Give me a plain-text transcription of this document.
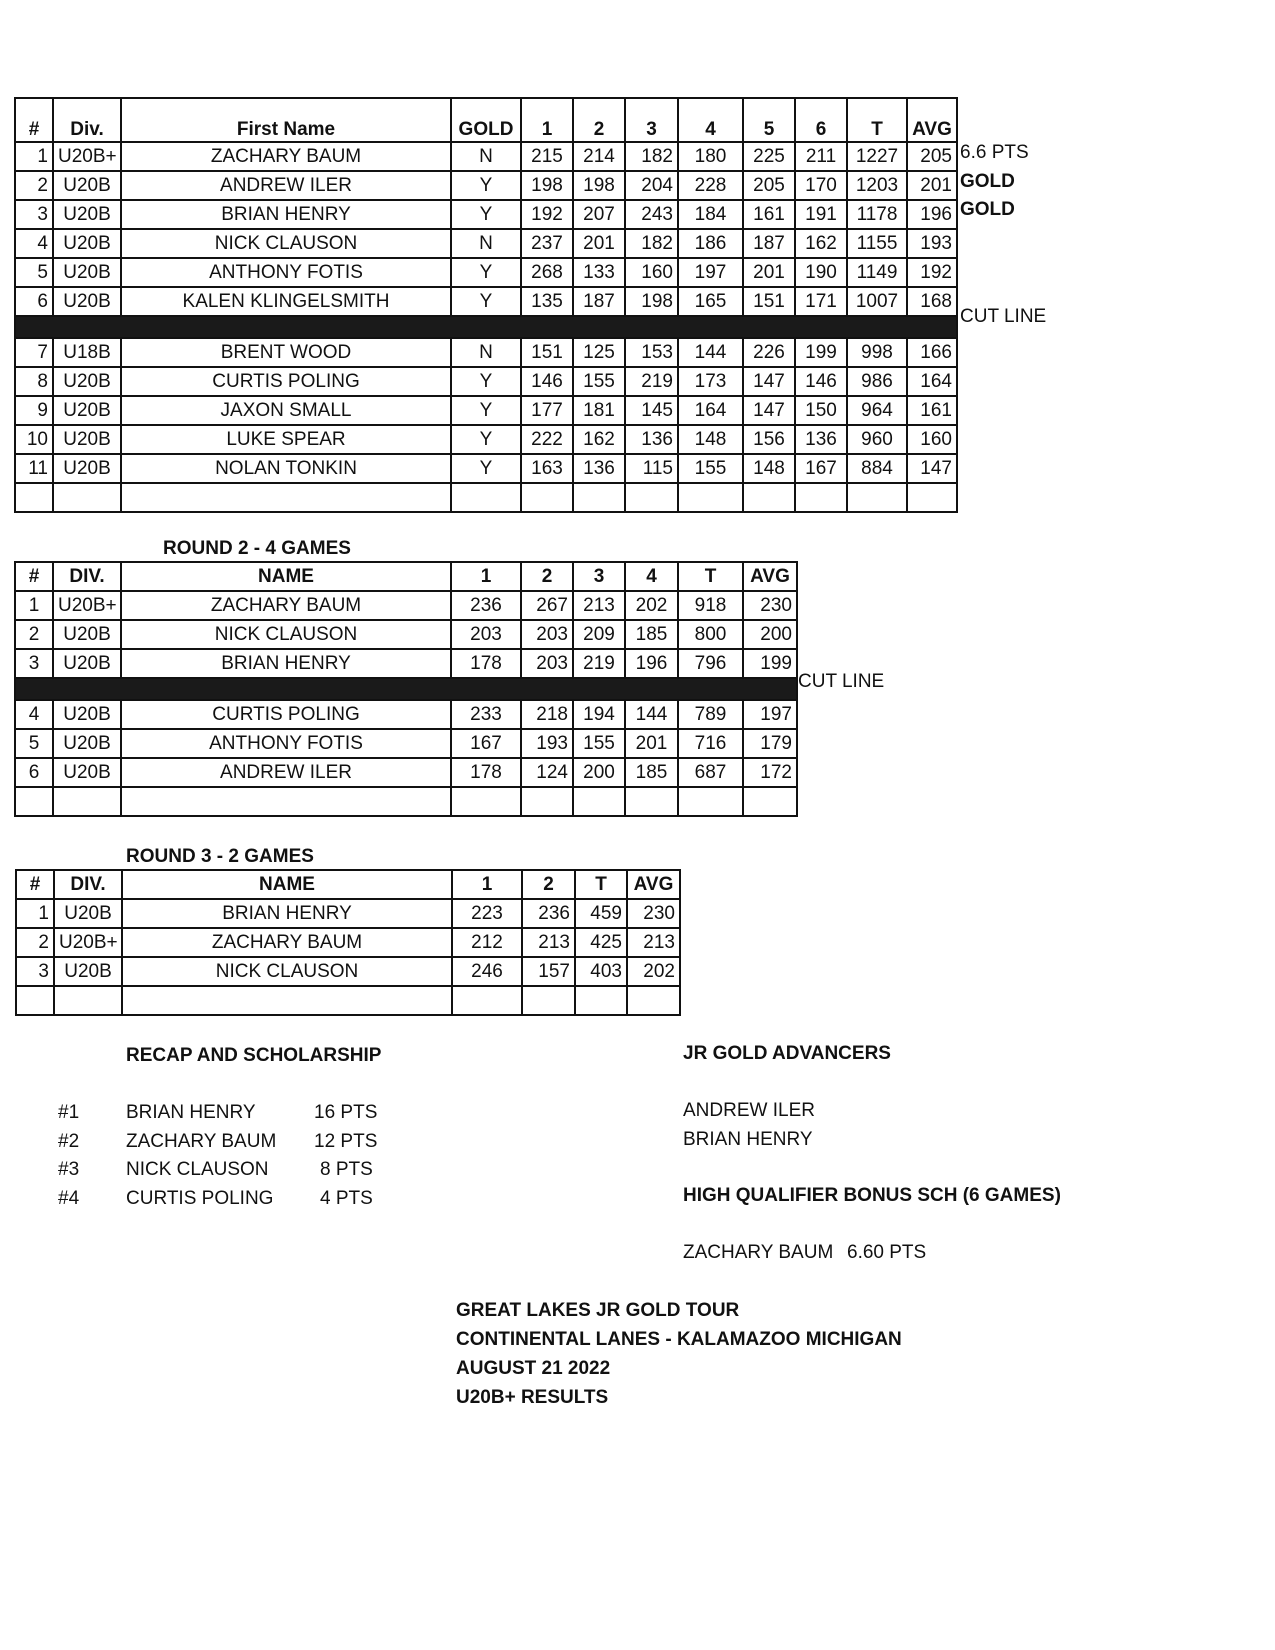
#	Div.	First Name	GOLD	1	2	3	4	5	6	T	AVG
1	U20B+	ZACHARY BAUM	N	215	214	182	180	225	211	1227	205
2	U20B	ANDREW ILER	Y	198	198	204	228	205	170	1203	201
3	U20B	BRIAN HENRY	Y	192	207	243	184	161	191	1178	196
4	U20B	NICK CLAUSON	N	237	201	182	186	187	162	1155	193
5	U20B	ANTHONY FOTIS	Y	268	133	160	197	201	190	1149	192
6	U20B	KALEN KLINGELSMITH	Y	135	187	198	165	151	171	1007	168

7	U18B	BRENT WOOD	N	151	125	153	144	226	199	998	166
8	U20B	CURTIS POLING	Y	146	155	219	173	147	146	986	164
9	U20B	JAXON SMALL	Y	177	181	145	164	147	150	964	161
10	U20B	LUKE SPEAR	Y	222	162	136	148	156	136	960	160
11	U20B	NOLAN TONKIN	Y	163	136	115	155	148	167	884	147

6.6 PTS
GOLD
GOLD
CUT LINE
ROUND 2 - 4 GAMES
#	DIV.	NAME	1	2	3	4	T	AVG
1	U20B+	ZACHARY BAUM	236	267	213	202	918	230
2	U20B	NICK CLAUSON	203	203	209	185	800	200
3	U20B	BRIAN HENRY	178	203	219	196	796	199

4	U20B	CURTIS POLING	233	218	194	144	789	197
5	U20B	ANTHONY FOTIS	167	193	155	201	716	179
6	U20B	ANDREW ILER	178	124	200	185	687	172

CUT LINE
ROUND 3 - 2 GAMES
#	DIV.	NAME	1	2	T	AVG
1	U20B	BRIAN HENRY	223	236	459	230
2	U20B+	ZACHARY BAUM	212	213	425	213
3	U20B	NICK CLAUSON	246	157	403	202

RECAP AND SCHOLARSHIP
#1 BRIAN HENRY	16 PTS
#2 ZACHARY BAUM 12 PTS
#3 NICK CLAUSON	8 PTS
#4 CURTIS POLING 4 PTS
JR GOLD ADVANCERS
ANDREW ILER
BRIAN HENRY
HIGH QUALIFIER BONUS SCH (6 GAMES)
ZACHARY BAUM 6.60 PTS
GREAT LAKES JR GOLD TOUR
CONTINENTAL LANES - KALAMAZOO MICHIGAN
AUGUST 21 2022
U20B+ RESULTS
